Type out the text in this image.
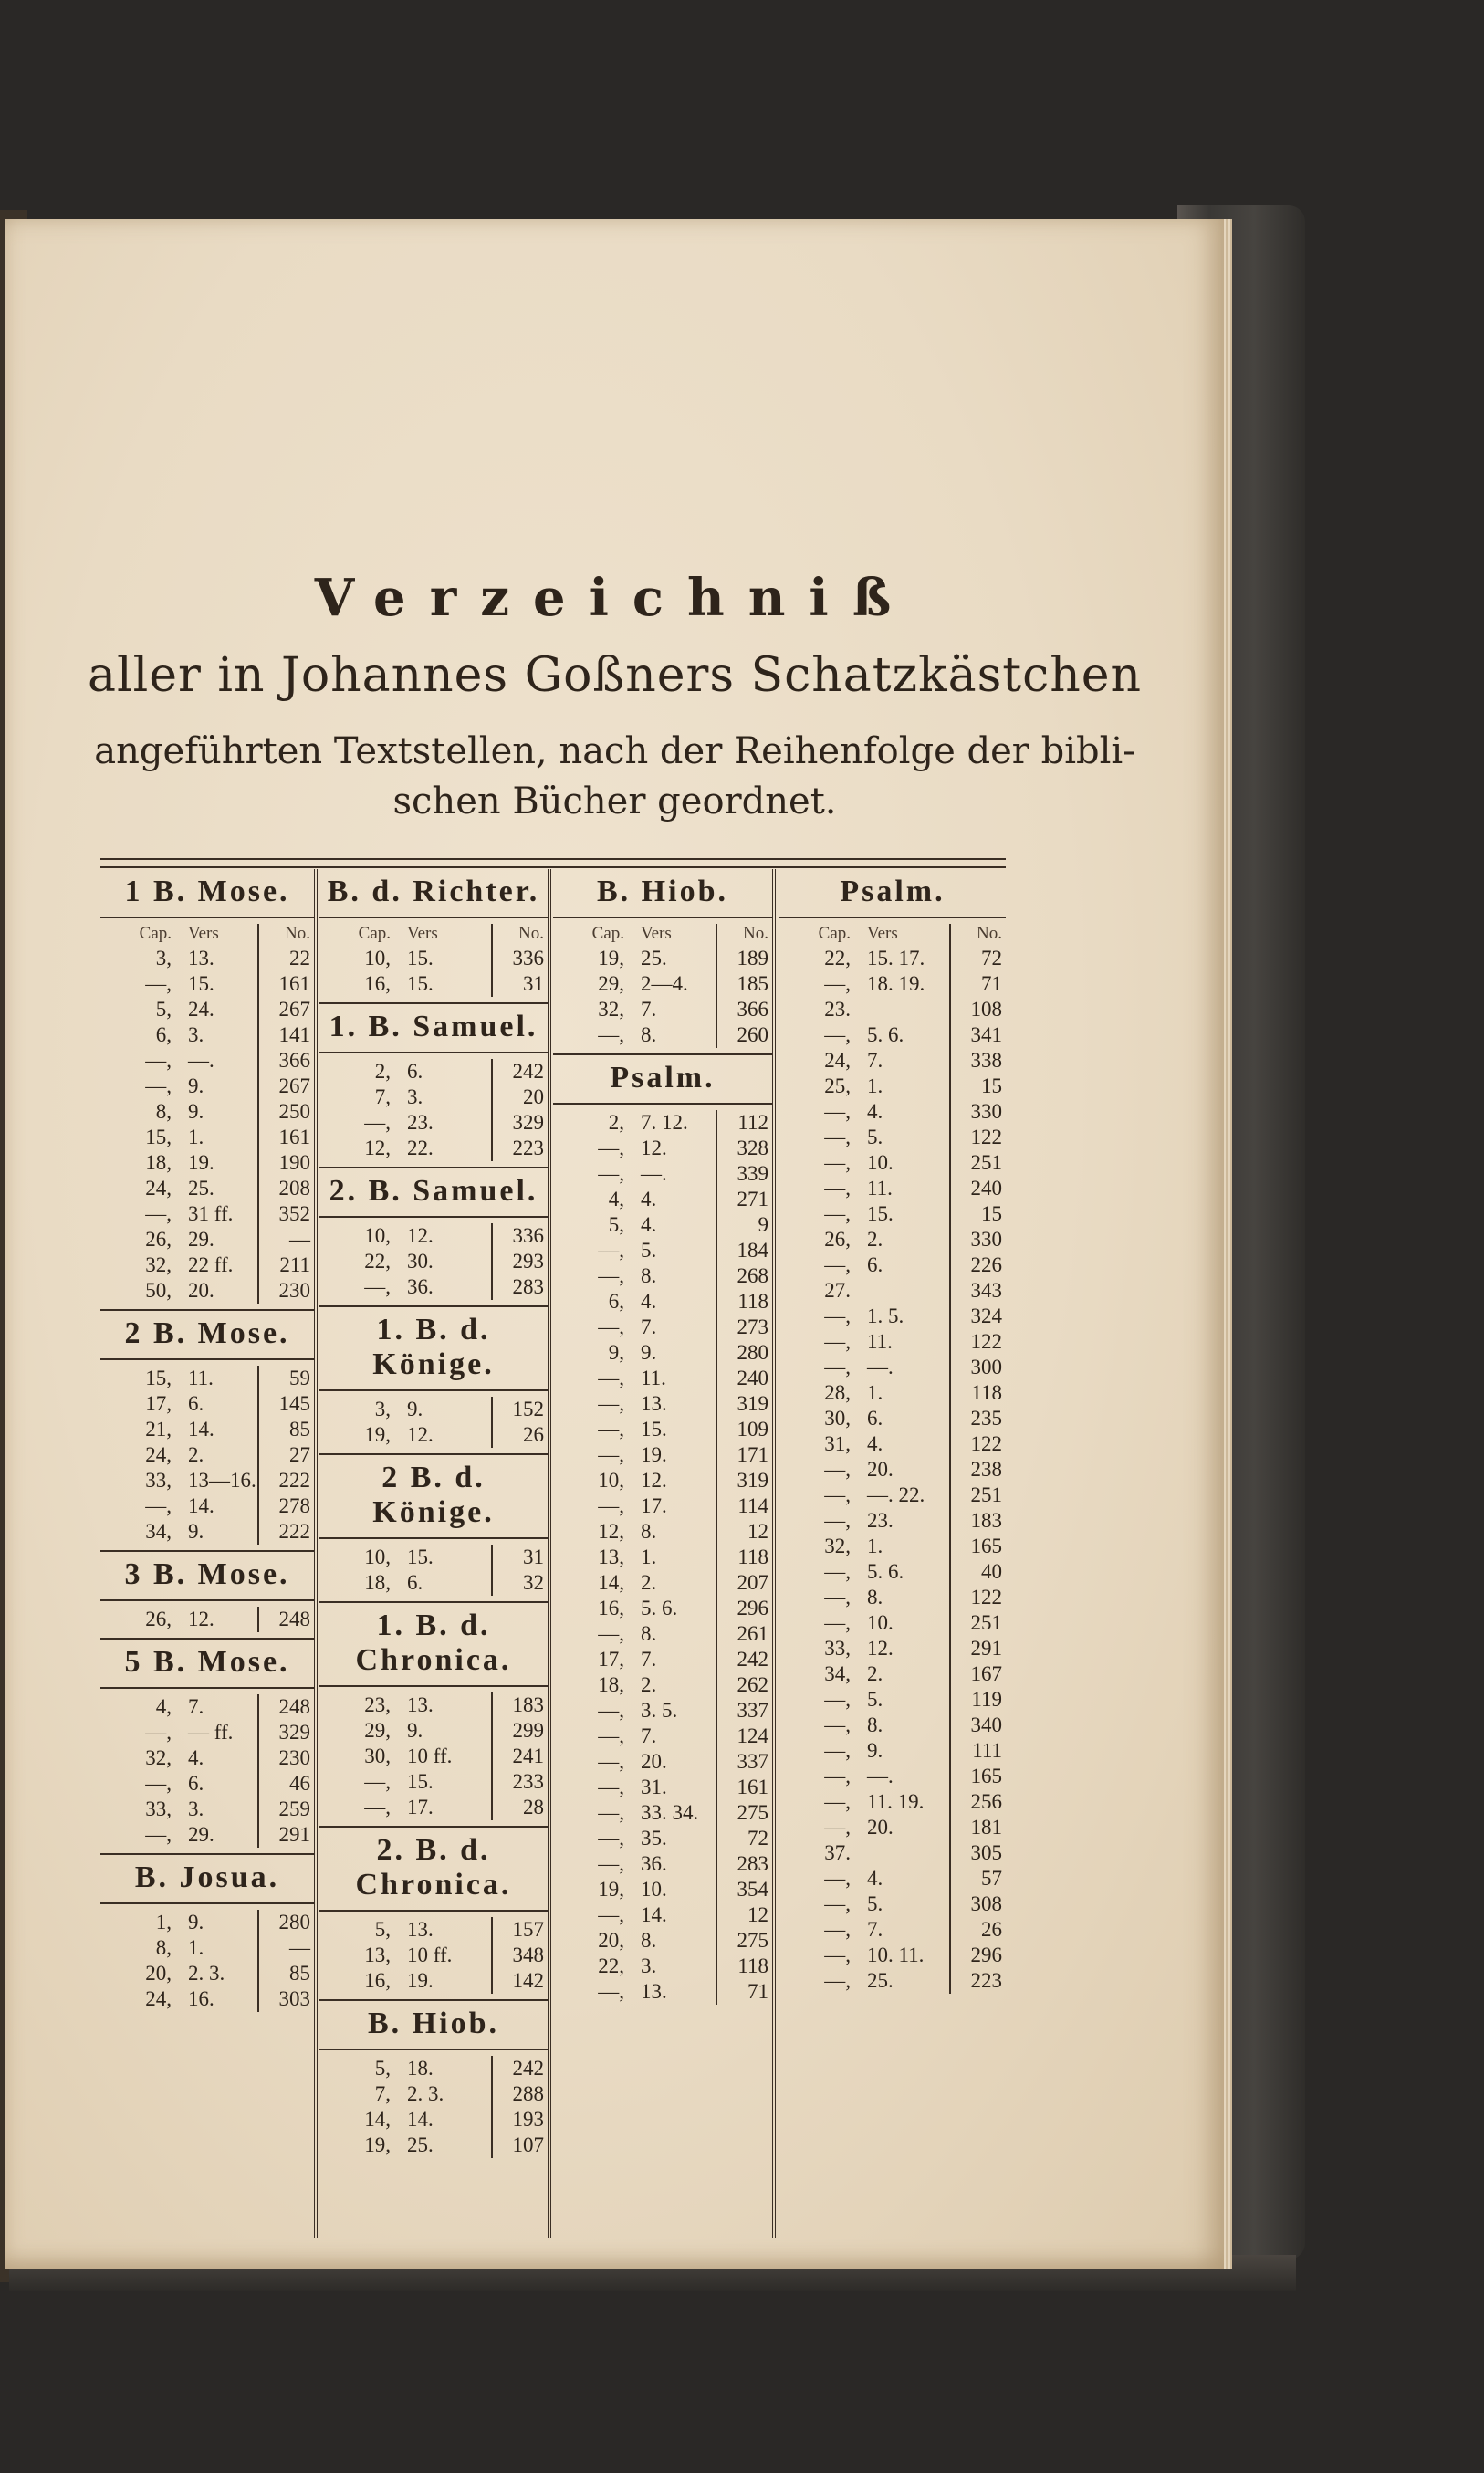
Verzeichniß
aller in Johannes Goßners Schatzkästchen
angeführten Textstellen, nach der Reihenfolge der bibli-
schen Bücher geordnet.
1 B. Mose.
Cap. Vers	No.
3, 13.	22
—, 15.	161
5, 24.	267
6, 3.	141
—, —.	366
—, 9.	267
8, 9.	250
15, 1.	161
18, 19.	190
24, 25.	208
—, 31 ff.	352
26, 29.	—
32, 22 ff.	211
50, 20.	230
2 B. Mose.
15, 11.	59
17, 6.	145
21, 14.	85
24, 2.	27
33, 13—16.	222
—, 14.	278
34, 9.	222
3 B. Mose.
26, 12.	248
5 B. Mose.
4, 7.	248
—, — ff.	329
32, 4.	230
—, 6.	46
33, 3.	259
—, 29.	291
B. Josua.
1, 9.	280
8, 1.	—
20, 2. 3.	85
24, 16.	303
B. d. Richter.
Cap. Vers	No.
10, 15.	336
16, 15.	31
1. B. Samuel.
2, 6.	242
7, 3.	20
—, 23.	329
12, 22.	223
2. B. Samuel.
10, 12.	336
22, 30.	293
—, 36.	283
1. B. d. Könige.
3, 9.	152
19, 12.	26
2 B. d. Könige.
10, 15.	31
18, 6.	32
1. B. d. Chronica.
23, 13.	183
29, 9.	299
30, 10 ff.	241
—, 15.	233
—, 17.	28
2. B. d. Chronica.
5, 13.	157
13, 10 ff.	348
16, 19.	142
B. Hiob.
5, 18.	242
7, 2. 3.	288
14, 14.	193
19, 25.	107
B. Hiob.
Cap. Vers	No.
19, 25.	189
29, 2—4.	185
32, 7.	366
—, 8.	260
Psalm.
2, 7. 12.	112
—, 12.	328
—, —.	339
4, 4.	271
5, 4.	9
—, 5.	184
—, 8.	268
6, 4.	118
—, 7.	273
9, 9.	280
—, 11.	240
—, 13.	319
—, 15.	109
—, 19.	171
10, 12.	319
—, 17.	114
12, 8.	12
13, 1.	118
14, 2.	207
16, 5. 6.	296
—, 8.	261
17, 7.	242
18, 2.	262
—, 3. 5.	337
—, 7.	124
—, 20.	337
—, 31.	161
—, 33. 34.	275
—, 35.	72
—, 36.	283
19, 10.	354
—, 14.	12
20, 8.	275
22, 3.	118
—, 13.	71
Psalm.
Cap. Vers	No.
22, 15. 17.	72
—, 18. 19.	71
23.	108
—, 5. 6.	341
24, 7.	338
25, 1.	15
—, 4.	330
—, 5.	122
—, 10.	251
—, 11.	240
—, 15.	15
26, 2.	330
—, 6.	226
27.	343
—, 1. 5.	324
—, 11.	122
—, —.	300
28, 1.	118
30, 6.	235
31, 4.	122
—, 20.	238
—, —. 22.	251
—, 23.	183
32, 1.	165
—, 5. 6.	40
—, 8.	122
—, 10.	251
33, 12.	291
34, 2.	167
—, 5.	119
—, 8.	340
—, 9.	111
—, —.	165
—, 11. 19.	256
—, 20.	181
37.	305
—, 4.	57
—, 5.	308
—, 7.	26
—, 10. 11.	296
—, 25.	223
